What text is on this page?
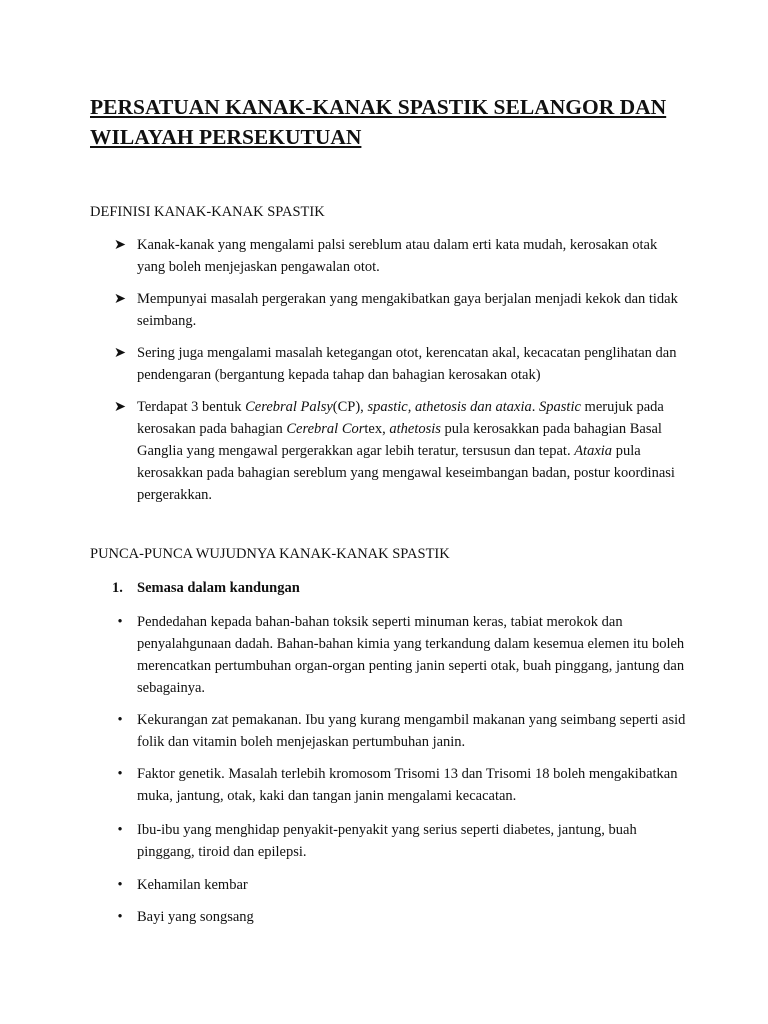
PERSATUAN KANAK-KANAK SPASTIK SELANGOR DAN WILAYAH PERSEKUTUAN

DEFINISI KANAK-KANAK SPASTIK

➤ Kanak-kanak yang mengalami palsi sereblum atau dalam erti kata mudah, kerosakan otak yang boleh menjejaskan pengawalan otot.
➤ Mempunyai masalah pergerakan yang mengakibatkan gaya berjalan menjadi kekok dan tidak seimbang.
➤ Sering juga mengalami masalah ketegangan otot, kerencatan akal, kecacatan penglihatan dan pendengaran (bergantung kepada tahap dan bahagian kerosakan otak)
➤ Terdapat 3 bentuk Cerebral Palsy(CP), spastic, athetosis dan ataxia. Spastic merujuk pada kerosakan pada bahagian Cerebral Cortex, athetosis pula kerosakkan pada bahagian Basal Ganglia yang mengawal pergerakkan agar lebih teratur, tersusun dan tepat. Ataxia pula kerosakkan pada bahagian sereblum yang mengawal keseimbangan badan, postur koordinasi pergerakkan.

PUNCA-PUNCA WUJUDNYA KANAK-KANAK SPASTIK

1. Semasa dalam kandungan
• Pendedahan kepada bahan-bahan toksik seperti minuman keras, tabiat merokok dan penyalahgunaan dadah. Bahan-bahan kimia yang terkandung dalam kesemua elemen itu boleh merencatkan pertumbuhan organ-organ penting janin seperti otak, buah pinggang, jantung dan sebagainya.
• Kekurangan zat pemakanan. Ibu yang kurang mengambil makanan yang seimbang seperti asid folik dan vitamin boleh menjejaskan pertumbuhan janin.
• Faktor genetik. Masalah terlebih kromosom Trisomi 13 dan Trisomi 18 boleh mengakibatkan muka, jantung, otak, kaki dan tangan janin mengalami kecacatan.
• Ibu-ibu yang menghidap penyakit-penyakit yang serius seperti diabetes, jantung, buah pinggang, tiroid dan epilepsi.
• Kehamilan kembar
• Bayi yang songsang
